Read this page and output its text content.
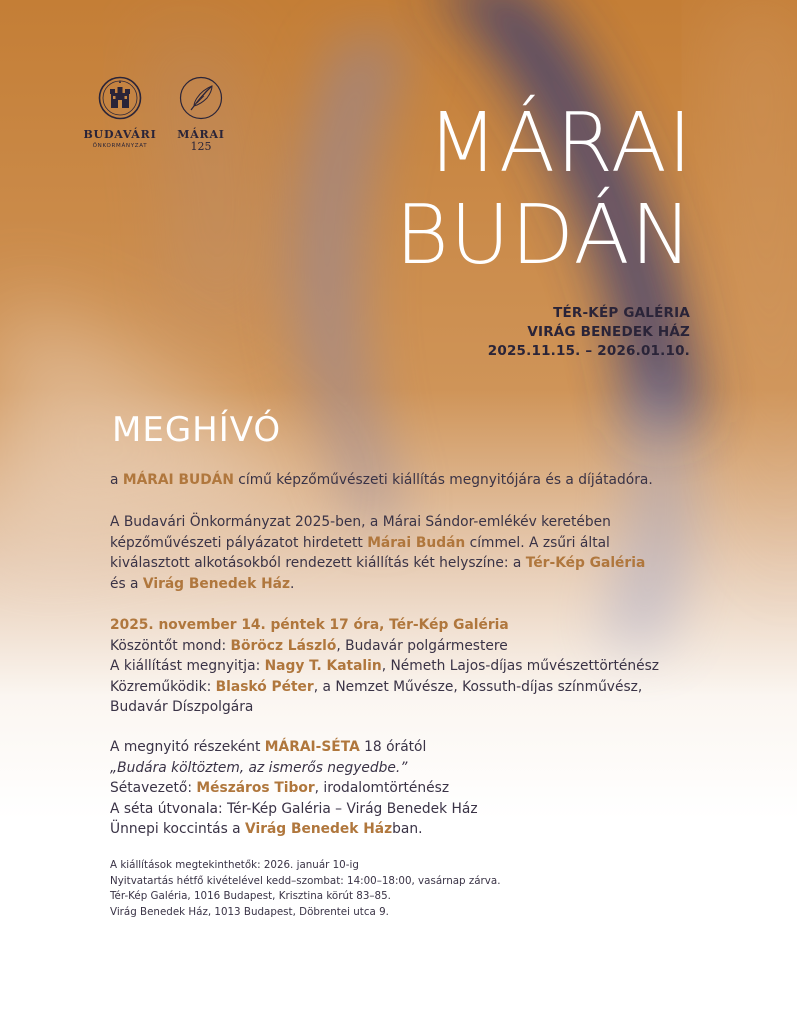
BUDAVÁRI
ÖNKORMÁNYZAT
MÁRAI
125	MÁRAI
BUDÁN
TÉR-KÉP GALÉRIA
VIRÁG BENEDEK HÁZ
2025.11.15. – 2026.01.10.
MEGHÍVÓ
a MÁRAI BUDÁN című képzőművészeti kiállítás megnyitójára és a díjátadóra.
A Budavári Önkormányzat 2025-ben, a Márai Sándor-emlékév keretében
képzőművészeti pályázatot hirdetett Márai Budán címmel. A zsűri által
kiválasztott alkotásokból rendezett kiállítás két helyszíne: a Tér-Kép Galéria
és a Virág Benedek Ház.
2025. november 14. péntek 17 óra, Tér-Kép Galéria
Köszöntőt mond: Böröcz László, Budavár polgármestere
A kiállítást megnyitja: Nagy T. Katalin, Németh Lajos-díjas művészettörténész
Közreműködik: Blaskó Péter, a Nemzet Művésze, Kossuth-díjas színművész,
Budavár Díszpolgára
A megnyitó részeként MÁRAI-SÉTA 18 órától
„Budára költöztem, az ismerős negyedbe.”
Sétavezető: Mészáros Tibor, irodalomtörténész
A séta útvonala: Tér-Kép Galéria – Virág Benedek Ház
Ünnepi koccintás a Virág Benedek Házban.
A kiállítások megtekinthetők: 2026. január 10-ig
Nyitvatartás hétfő kivételével kedd–szombat: 14:00–18:00, vasárnap zárva.
Tér-Kép Galéria, 1016 Budapest, Krisztina körút 83–85.
Virág Benedek Ház, 1013 Budapest, Döbrentei utca 9.
